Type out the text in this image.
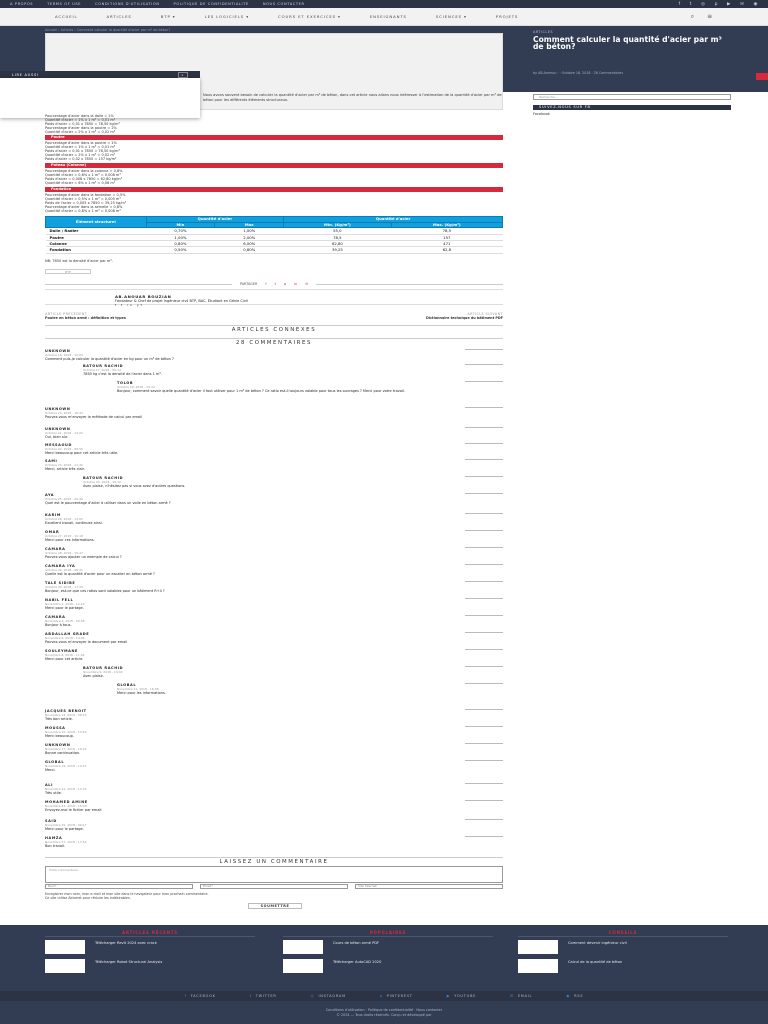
A PROPOS	TERMS OF USE	CONDITIONS D'UTILISATION	POLITIQUE DE CONFIDENTIALITE	NOUS CONTACTER	f t ◎ p ▶ ✉ ◉
ACCUEIL	ARTICLES	BTP ▾	LES LOGICIELS ▾	COURS ET EXERCICES ▾	ENSEIGNANTS	SCIENCES ▾	PROJETS	⌕ ≡
Accueil › Articles › Comment calculer la quantité d'acier par m³ de béton?	ARTICLES
Comment calculer la quantité d'acier par m³ de béton?
by AB.Ammou · · Octobre 16, 2018 · 28 Commentaires
LIRE AUSSI	x
Nous avons souvent besoin de calculer la quantité d'acier par m³ de béton, dans cet article nous allons nous intéresser à l'estimation de la quantité d'acier par m³ de béton pour les différents éléments structuraux.
Pourcentage d'acier dans la dalle = 1%
Quantité d'acier = 1% x 1 m³ = 0,01 m³
Poids d'acier = 0,01 x 7850 = 78,50 kg/m³
Pourcentage d'acier dans la poutre = 2%
Quantité d'acier = 2% x 1 m³ = 0,02 m³
Poutre
Pourcentage d'acier dans la poutre = 1%
Quantité d'acier = 1% x 1 m³ = 0,01 m³
Poids d'acier = 0,01 x 7850 = 78,50 kg/m³
Quantité d'acier = 2% x 1 m³ = 0,02 m³
Poids d'acier = 0,02 x 7850 = 157 kg/m³
Poteau (Colonne)
Pourcentage d'acier dans la colonne = 0,8%
Quantité d'acier = 0,8% x 1 m³ = 0,008 m³
Poids d'acier = 0,008 x 7850 = 62,80 kg/m³
Quantité d'acier = 6% x 1 m³ = 0,06 m³
Fondation
Pourcentage d'acier dans la fondation = 0,5%
Quantité d'acier = 0,5% x 1 m³ = 0,005 m³
Poids de l'acier = 0,005 x 7850 = 39,25 kg/m³
Pourcentage d'acier dans la semelle = 0,8%
Quantité d'acier = 0,8% x 1 m³ = 0,008 m³
Élément structurel	Quantité d'acier		Quantité d'acier	
	Min	Max	Min. (Kg/m³)	Max. (Kg/m³)
Dalle / Radier	0,70%	1,00%	55,0	78,5
Poutre	1,00%	2,00%	78,5	157
Colonne	0,80%	6,00%	62,80	471
Fondation	0,50%	0,80%	39,25	62,8
NB: 7850 est la densité d'acier par m³.
BTP
PARTAGER f t p in ✉
AB.ANOUAR BOUZIAN
Fondateur & Chef de projet Ingénieur civil BTP, BAC, Étudiant en Génie Civil
f t in yt
ARTICLE PRÉCÉDENT
Poutre en béton armé : définition et types
ARTICLE SUIVANT
Dictionnaire technique du bâtiment PDF
ARTICLES CONNEXES
28 COMMENTAIRES
UNKNOWN
Octobre 16, 2018 - 12:00
Comment puis-je calculer la quantité d'acier en kg pour un m³ de béton ?
BATOUR RACHID
Octobre 17, 2018 - 09:14
7850 kg c'est la densité de l'acier dans 1 m³.
TOLOB
Octobre 18, 2018 - 10:22
Bonjour, comment savoir quelle quantité d'acier il faut utiliser pour 1 m³ de béton ? Ce ratio est-il toujours valable pour tous les ouvrages ? Merci pour votre travail.
UNKNOWN
Octobre 20, 2018 - 18:43
Pouvez-vous m'envoyer la méthode de calcul par email
UNKNOWN
Octobre 21, 2018 - 14:02
Oui, bien sûr.
MESSAOUD
Octobre 22, 2018 - 08:55
Merci beaucoup pour cet article très utile.
SAMI
Octobre 23, 2018 - 11:30
Merci, article très clair.
BATOUR RACHID
Octobre 24, 2018 - 16:12
Avec plaisir, n'hésitez pas si vous avez d'autres questions.
AYA
Octobre 25, 2018 - 09:40
Quel est le pourcentage d'acier à utiliser dans un voile en béton armé ?
KARIM
Octobre 26, 2018 - 13:05
Excellent travail, continuez ainsi.
OMAR
Octobre 27, 2018 - 10:18
Merci pour ces informations.
CAMARA
Octobre 28, 2018 - 15:47
Pouvez-vous ajouter un exemple de calcul ?
CAMARA IYA
Octobre 29, 2018 - 08:21
Quelle est la quantité d'acier pour un escalier en béton armé ?
TALE SIDIBE
Octobre 30, 2018 - 17:33
Bonjour, est-ce que ces ratios sont valables pour un bâtiment R+4 ?
NABIL FELL
Novembre 2, 2018 - 12:10
Merci pour le partage.
CAMARA
Novembre 4, 2018 - 09:58
Bonjour à tous.
ABDALLAH GRADE
Novembre 6, 2018 - 14:26
Pouvez-vous m'envoyer le document par email
SOULEYMANE
Novembre 8, 2018 - 11:44
Merci pour cet article.
BATOUR RACHID
Novembre 9, 2018 - 10:02
Avec plaisir.
GLOBAL
Novembre 11, 2018 - 16:38
Merci pour les informations.
JACQUES BENOIT
Novembre 13, 2018 - 08:15
Très bon article.
MOUSSA
Novembre 15, 2018 - 13:50
Merci beaucoup.
UNKNOWN
Novembre 17, 2018 - 19:22
Bonne continuation.
GLOBAL
Novembre 19, 2018 - 10:41
Merci.
ALI
Novembre 21, 2018 - 12:33
Très utile.
MOHAMED AMINE
Novembre 23, 2018 - 15:09
Envoyez-moi le fichier par email
SAID
Novembre 25, 2018 - 09:27
Merci pour le partage.
HAMZA
Novembre 27, 2018 - 17:54
Bon travail.
LAISSEZ UN COMMENTAIRE
Votre commentaire
Nom*	Email*	Site Internet
Enregistrer mon nom, mon e-mail et mon site dans le navigateur pour mon prochain commentaire.
Ce site utilise Akismet pour réduire les indésirables.
SOUMETTRE
Recherche...
SUIVEZ-NOUS SUR FB
Facebook
ARTICLES RÉCENTS
Télécharger Revit 2024 avec crack
Télécharger Robot Structural Analysis
POPULAIRES
Cours de béton armé PDF
Télécharger AutoCAD 2020
CONSEILS
Comment devenir ingénieur civil
Calcul de la quantité de béton
f FACEBOOK	t TWITTER	◎ INSTAGRAM	p PINTEREST	▶ YOUTUBE	✉ EMAIL	◉ RSS
Conditions d'utilisation · Politique de confidentialité · Nous contacter
© 2024 — Tous droits réservés. Conçu et développé par
